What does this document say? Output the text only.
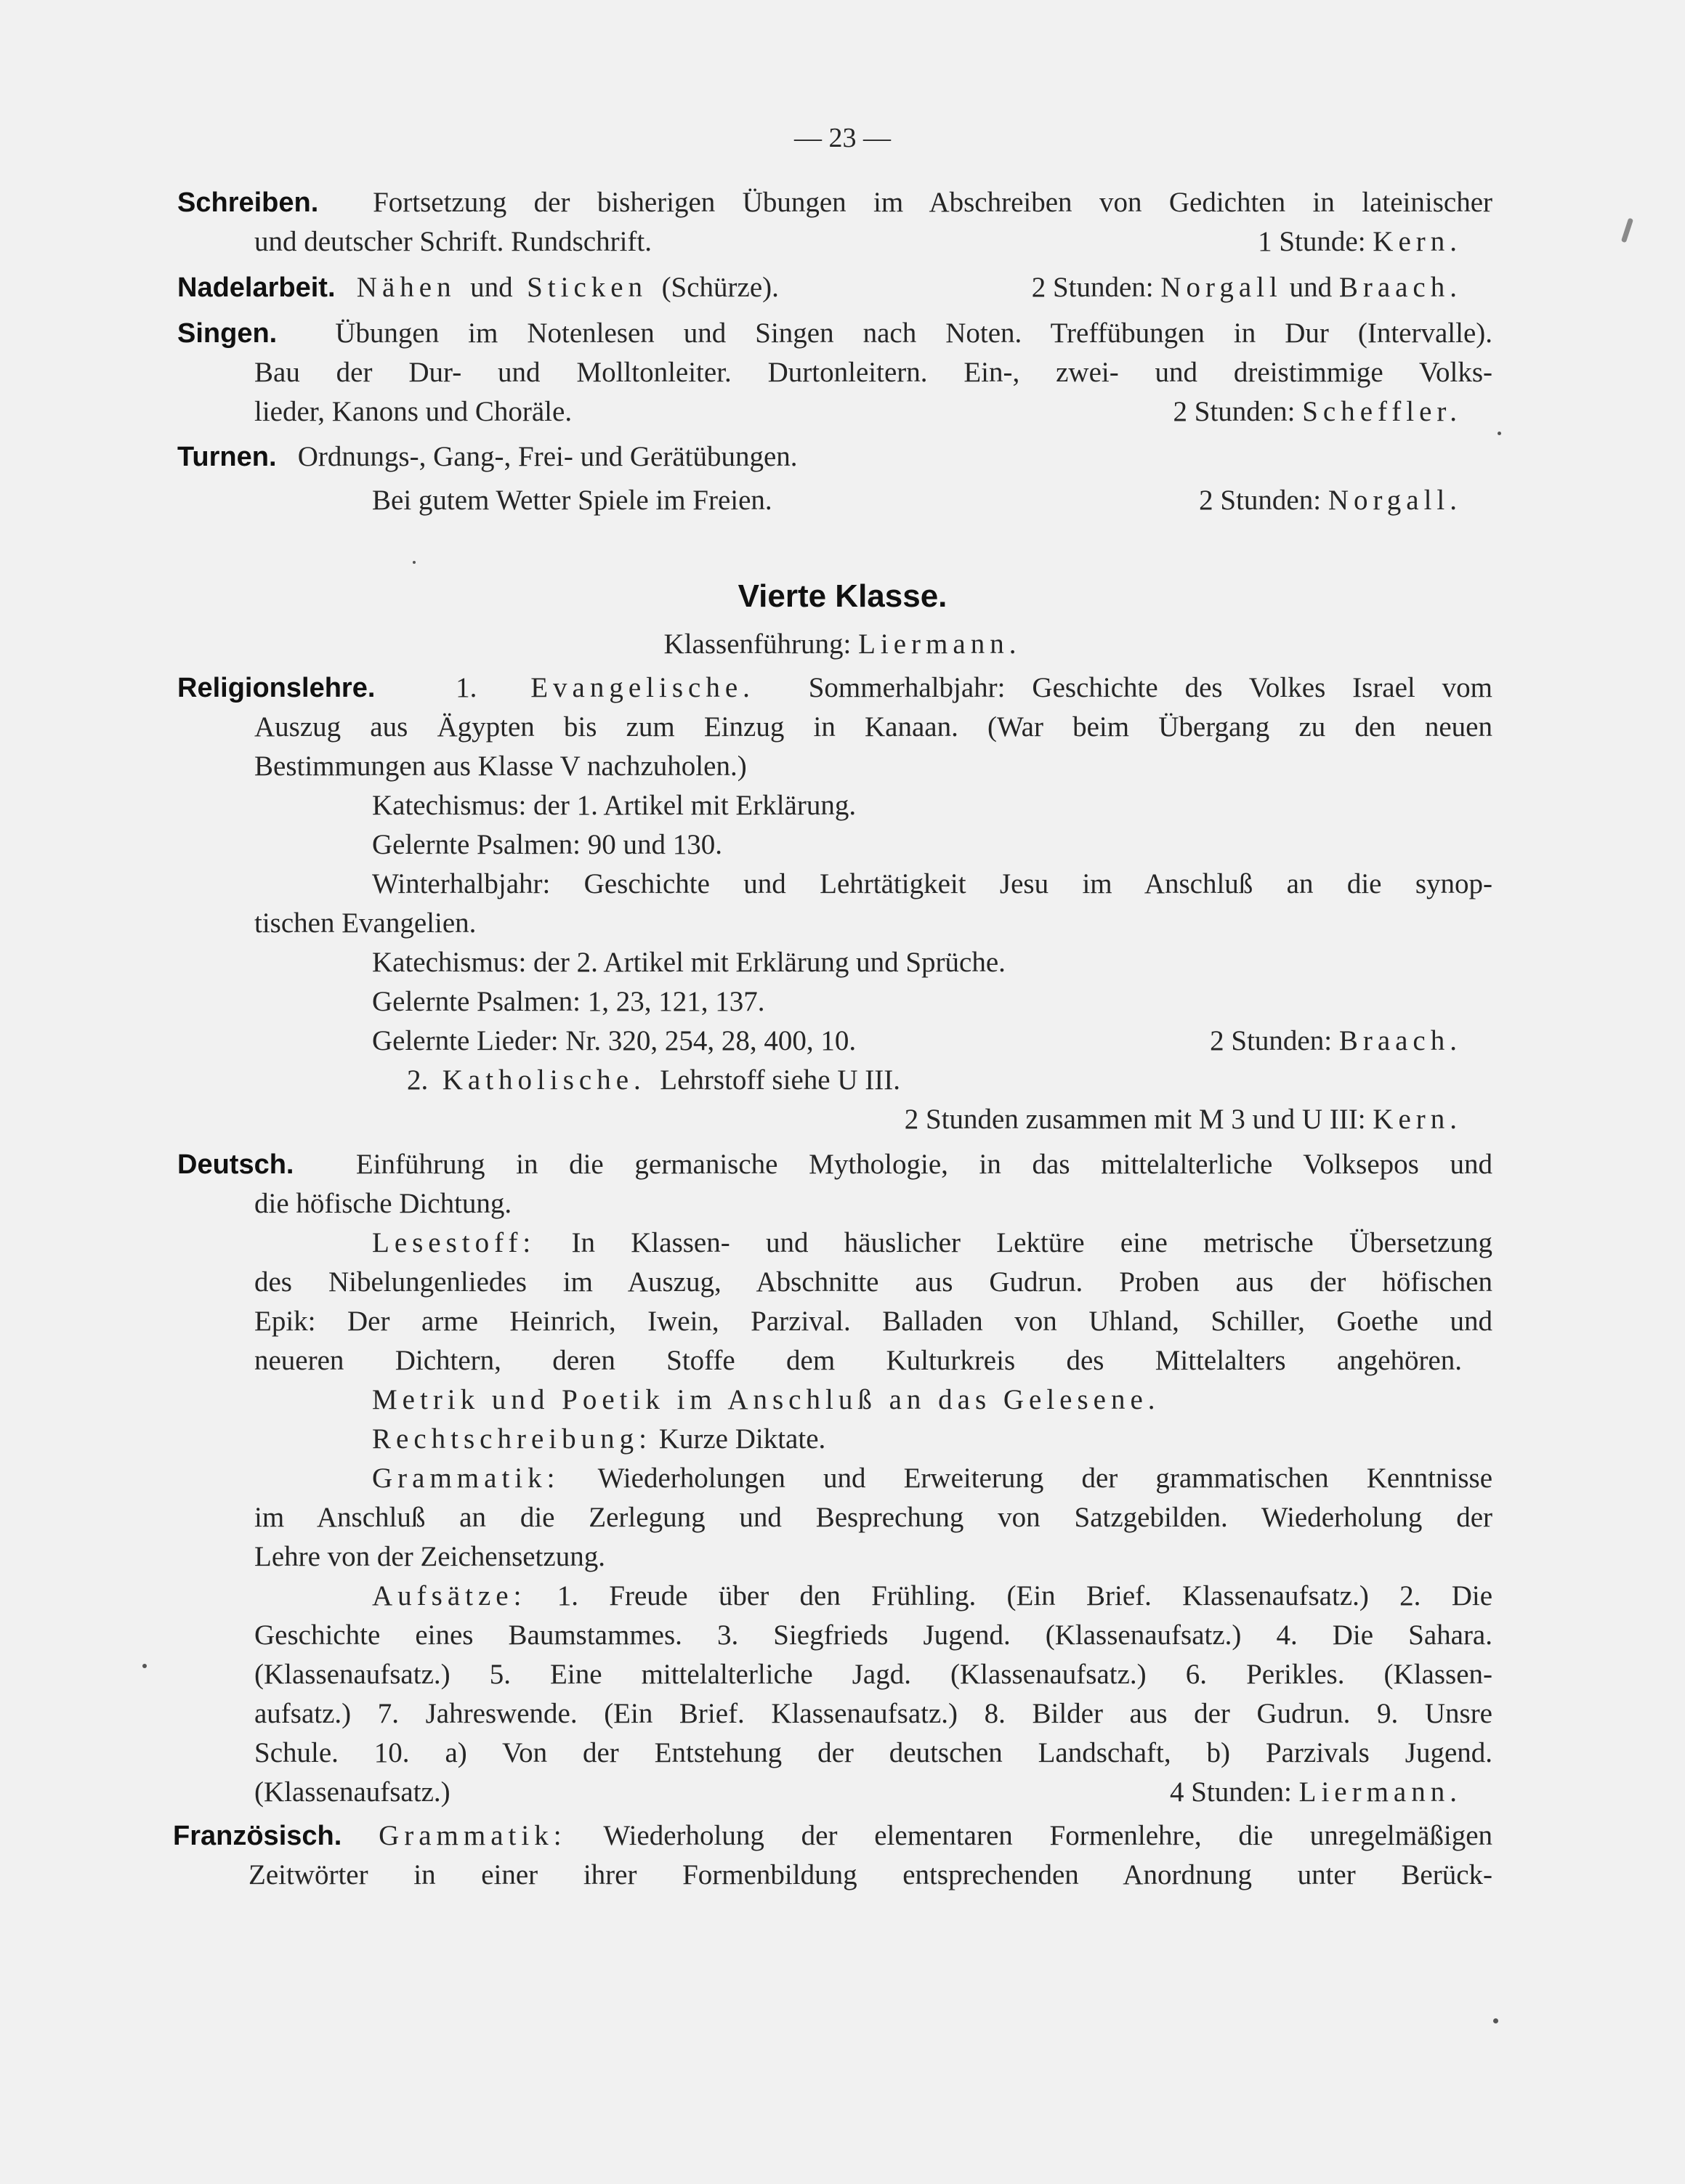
— 23 —
Schreiben. Fortsetzung der bisherigen Übungen im Abschreiben von Gedichten in lateinischer
und deutscher Schrift. Rundschrift.	1 Stunde: Kern.
Nadelarbeit. Nähen und Sticken (Schürze).	2 Stunden: Norgall und Braach.
Singen. Übungen im Notenlesen und Singen nach Noten. Treffübungen in Dur (Intervalle).
Bau der Dur- und Molltonleiter. Durtonleitern. Ein-, zwei- und dreistimmige Volks-
lieder, Kanons und Choräle.	2 Stunden: Scheffler.
Turnen. Ordnungs-, Gang-, Frei- und Gerätübungen.
Bei gutem Wetter Spiele im Freien.	2 Stunden: Norgall.
Vierte Klasse.
Klassenführung: Liermann.
Religionslehre.	1. Evangelische. Sommerhalbjahr: Geschichte des Volkes Israel vom
Auszug aus Ägypten bis zum Einzug in Kanaan. (War beim Übergang zu den neuen
Bestimmungen aus Klasse V nachzuholen.)
Katechismus: der 1. Artikel mit Erklärung.
Gelernte Psalmen: 90 und 130.
Winterhalbjahr: Geschichte und Lehrtätigkeit Jesu im Anschluß an die synop-
tischen Evangelien.
Katechismus: der 2. Artikel mit Erklärung und Sprüche.
Gelernte Psalmen: 1, 23, 121, 137.
Gelernte Lieder: Nr. 320, 254, 28, 400, 10.	2 Stunden: Braach.
2. Katholische. Lehrstoff siehe U III.
2 Stunden zusammen mit M 3 und U III: Kern.
Deutsch. Einführung in die germanische Mythologie, in das mittelalterliche Volksepos und
die höfische Dichtung.
Lesestoff: In Klassen- und häuslicher Lektüre eine metrische Übersetzung
des Nibelungenliedes im Auszug, Abschnitte aus Gudrun. Proben aus der höfischen
Epik: Der arme Heinrich, Iwein, Parzival. Balladen von Uhland, Schiller, Goethe und
neueren Dichtern, deren Stoffe dem Kulturkreis des Mittelalters angehören.
Metrik und Poetik im Anschluß an das Gelesene.
Rechtschreibung: Kurze Diktate.
Grammatik: Wiederholungen und Erweiterung der grammatischen Kenntnisse
im Anschluß an die Zerlegung und Besprechung von Satzgebilden. Wiederholung der
Lehre von der Zeichensetzung.
Aufsätze: 1. Freude über den Frühling. (Ein Brief. Klassenaufsatz.) 2. Die
Geschichte eines Baumstammes. 3. Siegfrieds Jugend. (Klassenaufsatz.) 4. Die Sahara.
(Klassenaufsatz.) 5. Eine mittelalterliche Jagd. (Klassenaufsatz.) 6. Perikles. (Klassen-
aufsatz.) 7. Jahreswende. (Ein Brief. Klassenaufsatz.) 8. Bilder aus der Gudrun. 9. Unsre
Schule. 10. a) Von der Entstehung der deutschen Landschaft, b) Parzivals Jugend.
(Klassenaufsatz.)	4 Stunden: Liermann.
Französisch. Grammatik: Wiederholung der elementaren Formenlehre, die unregelmäßigen
Zeitwörter in einer ihrer Formenbildung entsprechenden Anordnung unter Berück-
